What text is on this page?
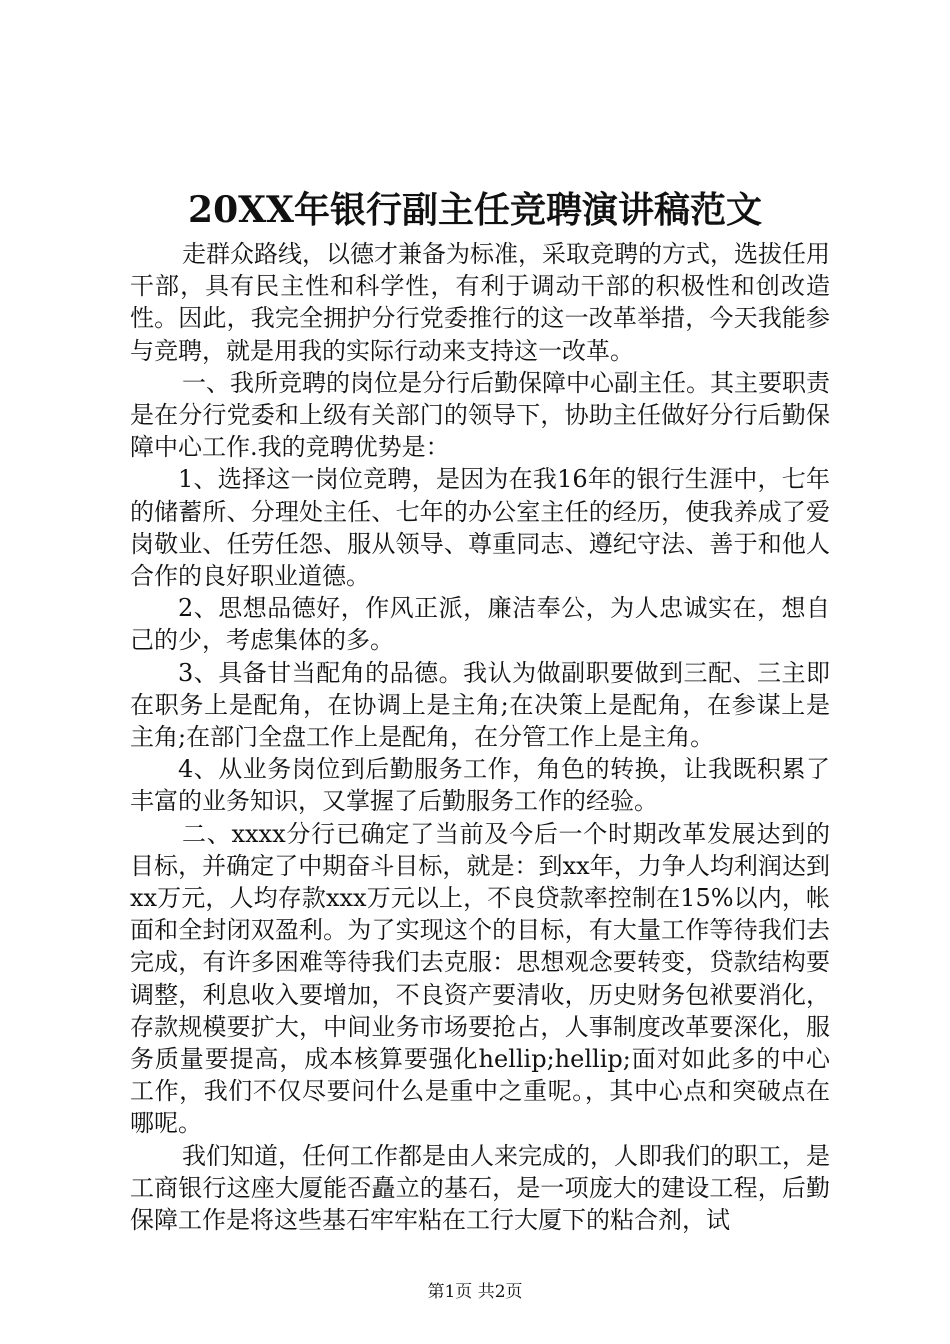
20XX年银行副主任竞聘演讲稿范文

走群众路线，以德才兼备为标准，采取竞聘的方式，选拔任用干部，具有民主性和科学性，有利于调动干部的积极性和创改造性。因此，我完全拥护分行党委推行的这一改革举措，今天我能参与竞聘，就是用我的实际行动来支持这一改革。

一、我所竞聘的岗位是分行后勤保障中心副主任。其主要职责是在分行党委和上级有关部门的领导下，协助主任做好分行后勤保障中心工作.我的竞聘优势是：

1、选择这一岗位竞聘，是因为在我16年的银行生涯中，七年的储蓄所、分理处主任、七年的办公室主任的经历，使我养成了爱岗敬业、任劳任怨、服从领导、尊重同志、遵纪守法、善于和他人合作的良好职业道德。

2、思想品德好，作风正派，廉洁奉公，为人忠诚实在，想自己的少，考虑集体的多。

3、具备甘当配角的品德。我认为做副职要做到三配、三主即在职务上是配角，在协调上是主角;在决策上是配角，在参谋上是主角;在部门全盘工作上是配角，在分管工作上是主角。

4、从业务岗位到后勤服务工作，角色的转换，让我既积累了丰富的业务知识，又掌握了后勤服务工作的经验。

二、xxxx分行已确定了当前及今后一个时期改革发展达到的目标，并确定了中期奋斗目标，就是：到xx年，力争人均利润达到xx万元，人均存款xxx万元以上，不良贷款率控制在15%以内，帐面和全封闭双盈利。为了实现这个的目标，有大量工作等待我们去完成，有许多困难等待我们去克服：思想观念要转变，贷款结构要调整，利息收入要增加，不良资产要清收，历史财务包袱要消化，存款规模要扩大，中间业务市场要抢占，人事制度改革要深化，服务质量要提高，成本核算要强化hellip;hellip;面对如此多的中心工作，我们不仅尽要问什么是重中之重呢。，其中心点和突破点在哪呢。

我们知道，任何工作都是由人来完成的，人即我们的职工，是工商银行这座大厦能否矗立的基石，是一项庞大的建设工程，后勤保障工作是将这些基石牢牢粘在工行大厦下的粘合剂，试

第1页 共2页
